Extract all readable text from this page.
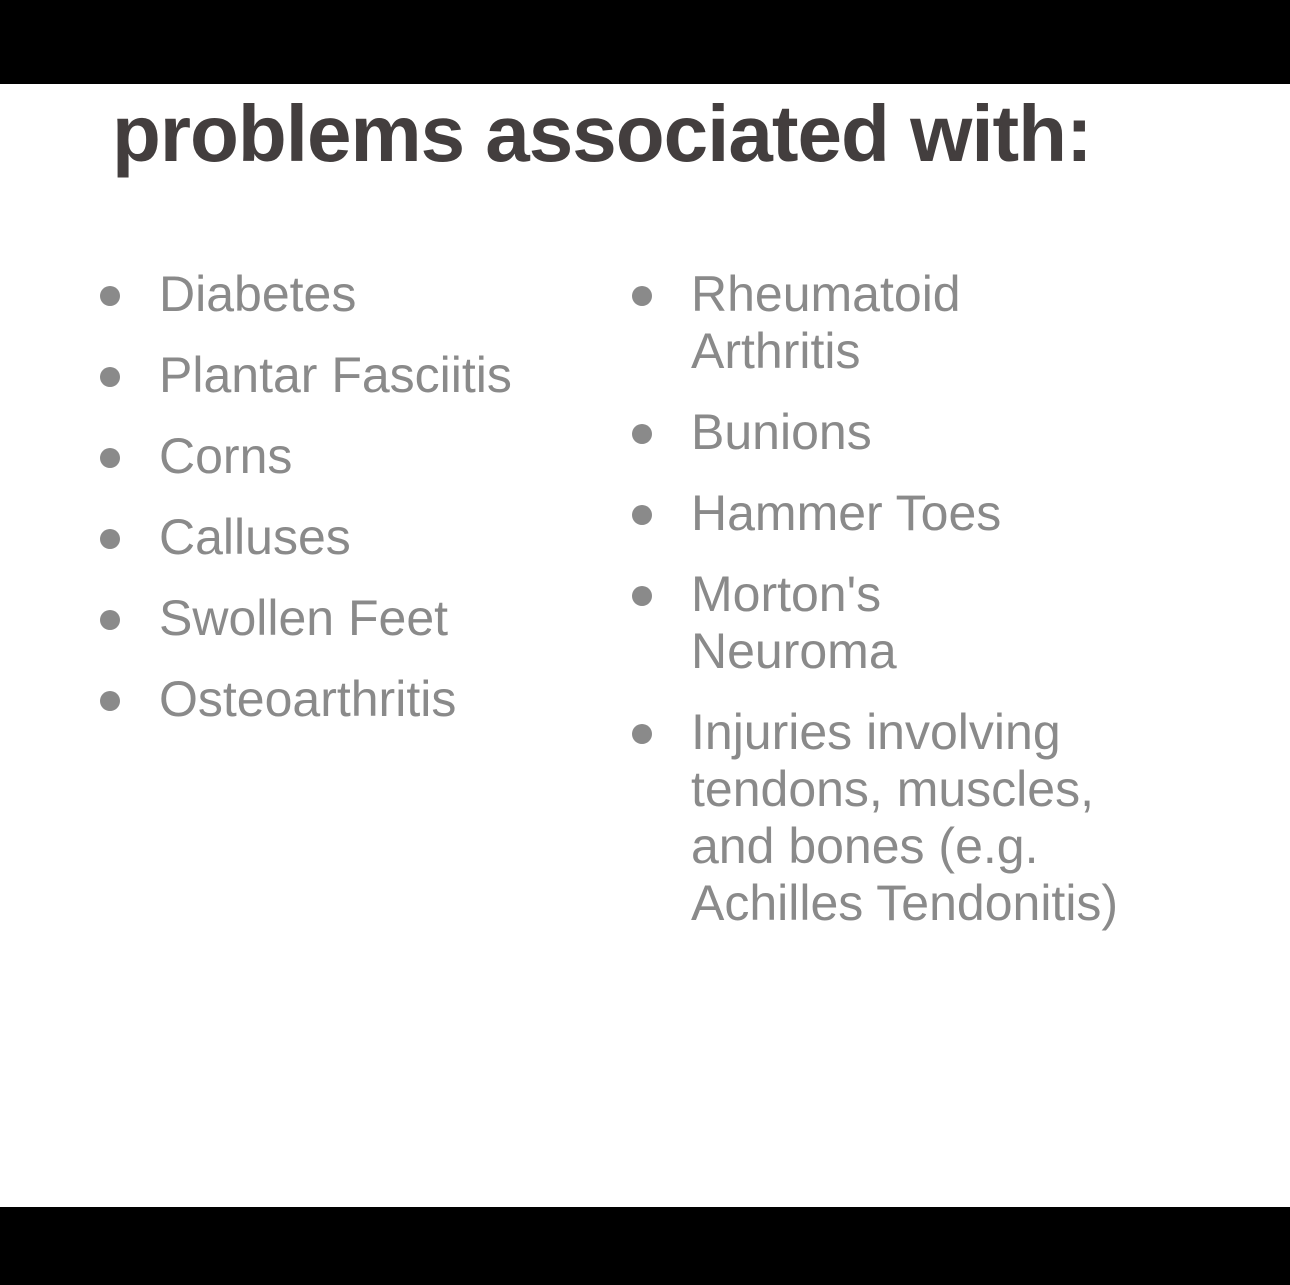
problems associated with:
Diabetes
Plantar Fasciitis
Corns
Calluses
Swollen Feet
Osteoarthritis
Rheumatoid Arthritis
Bunions
Hammer Toes
Morton's Neuroma
Injuries involving tendons, muscles, and bones (e.g. Achilles Tendonitis)
